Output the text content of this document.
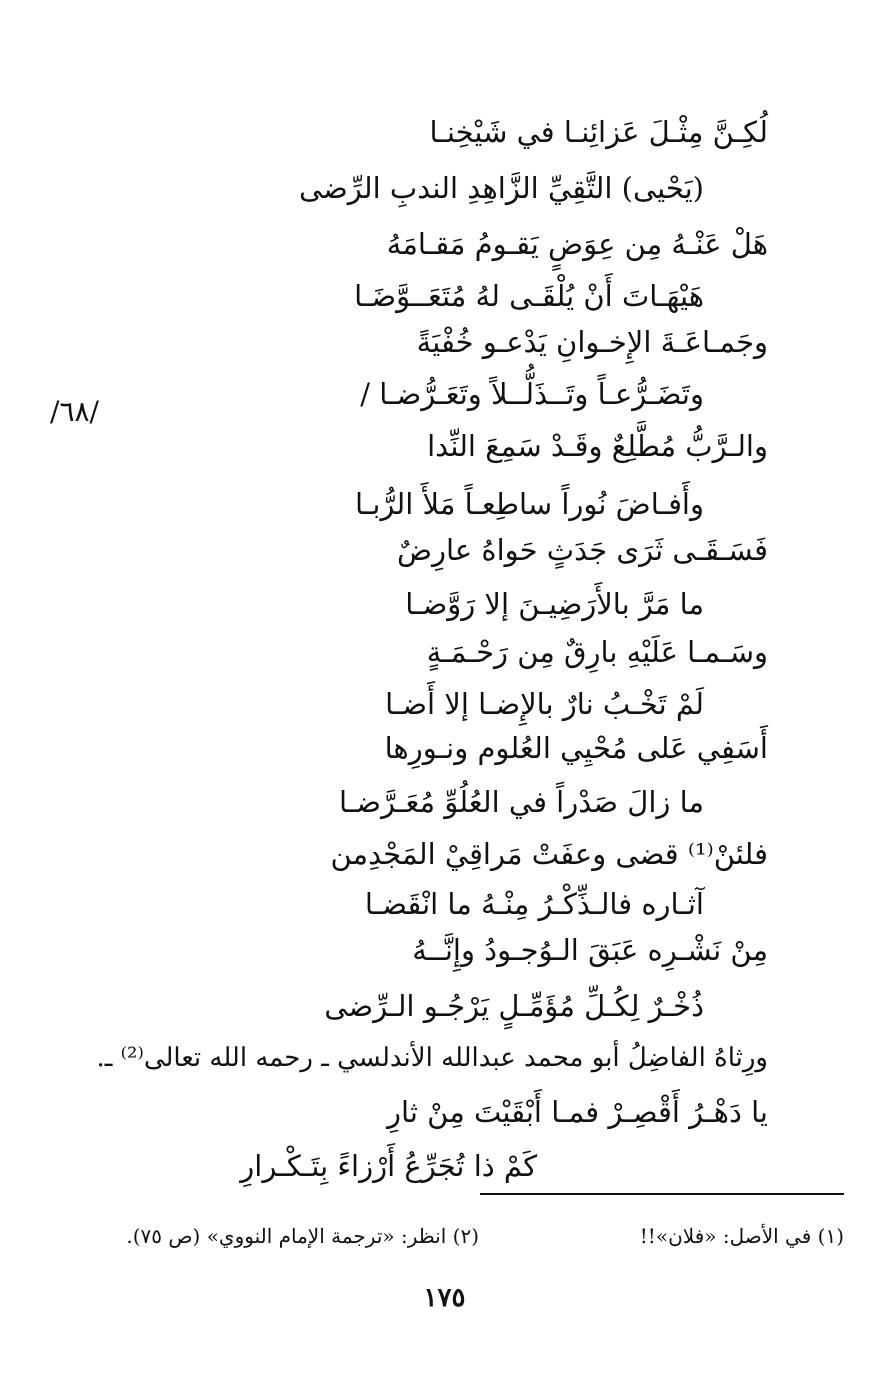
/٦٨/
لُكِـنَّ مِثْـلَ عَزائِنـا في شَيْخِنـا
(يَحْيى) التَّقِيِّ الزَّاهِدِ الندبِ الرِّضى
هَلْ عَنْـهُ مِن عِوَضٍ يَقـومُ مَقـامَهُ
هَيْهَـاتَ أَنْ يُلْقَـى لهُ مُتَعَــوَّضَـا
وجَمـاعَـةَ الإِخـوانِ يَدْعـو خُفْيَةً
وتَضَـرُّعـاً وتَــذَلُّــلاً وتَعَـرُّضـا /
والـرَّبُّ مُطَّلِعٌ وقَـدْ سَمِعَ النِّدا
وأَفـاضَ نُوراً ساطِعـاً مَلأَ الرُّبـا
فَسَـقَـى ثَرَى جَدَثٍ حَواهُ عارِضٌ
ما مَرَّ بالأَرَضِيـنَ إلا رَوَّضـا
وسَـمـا عَلَيْهِ بارِقٌ مِن رَحْـمَـةٍ
لَمْ تَخْـبُ نارٌ بالإِضـا إلا أَضـا
أَسَفِي عَلى مُحْيِي العُلوم ونـورِها
ما زالَ صَدْراً في العُلُوِّ مُعَـرَّضـا
فلئنْ⁽¹⁾ قضى وعفَتْ مَراقِيْ المَجْدِمن
آثـاره فالـذِّكْـرُ مِنْـهُ ما انْقَضـا
مِنْ نَشْـرِه عَبَقَ الـوُجـودُ وإِنَّــهُ
ذُخْـرٌ لِكُـلِّ مُؤَمِّـلٍ يَرْجُـو الـرِّضى
ورِثاهُ الفاضِلُ أبو محمد عبدالله الأندلسي ـ رحمه الله تعالى⁽²⁾ ـ.
يا دَهْـرُ أَقْصِـرْ فمـا أَبْقَيْتَ مِنْ ثارِ
كَمْ ذا تُجَرِّعُ أَرْزاءً بِتَـكْـرارِ
(١) في الأصل: «فلان»!!
(٢) انظر: «ترجمة الإمام النووي» (ص ٧٥).
١٧٥
